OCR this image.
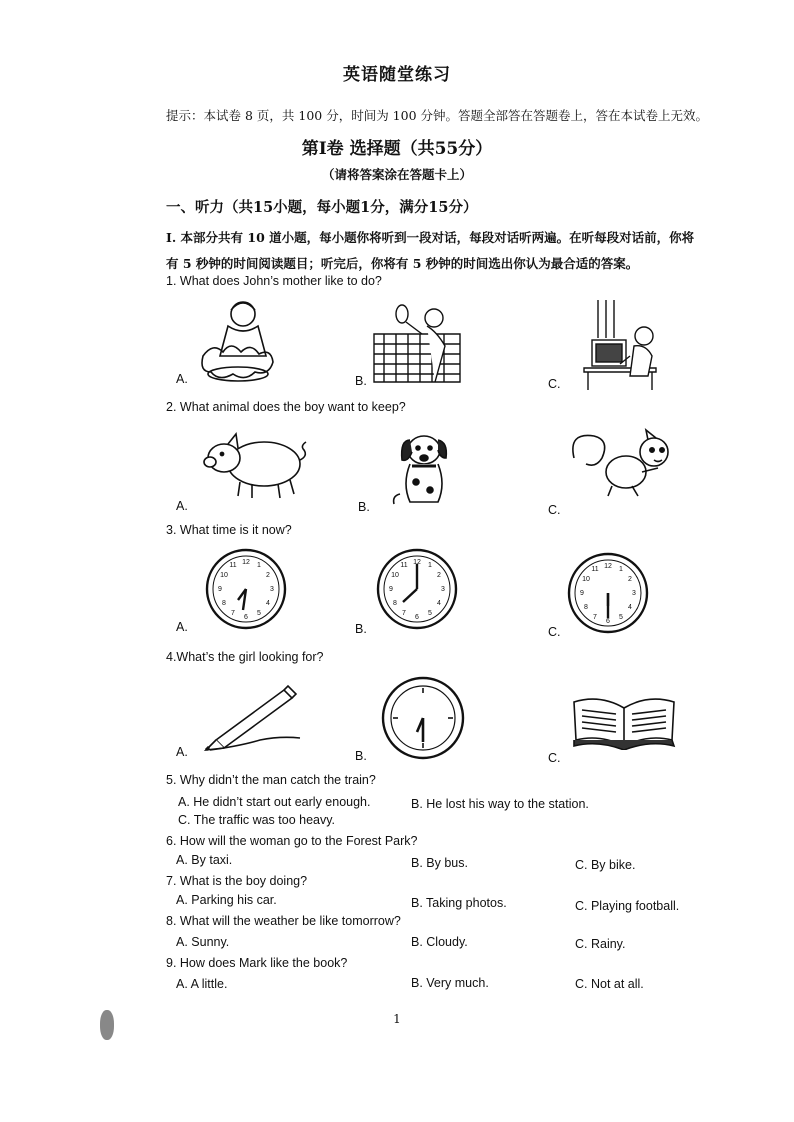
英语随堂练习
提示：本试卷 8 页，共 100 分，时间为 100 分钟。答题全部答在答题卷上，答在本试卷上无效。
第Ⅰ卷 选择题（共55分）
（请将答案涂在答题卡上）
一、听力（共15小题，每小题1分，满分15分）
Ⅰ. 本部分共有 10 道小题，每小题你将听到一段对话，每段对话听两遍。在听每段对话前，你将
有 5 秒钟的时间阅读题目；听完后，你将有 5 秒钟的时间选出你认为最合适的答案。
1. What does John’s mother like to do?
A.	B.	C.
2. What animal does the boy want to keep?
A.	B.	C.
3. What time is it now?
12 1
2
3
4
5
6
7
8
9
10
11
A.
12 1
2
3
4
5
6
7
8
9
10
11
B.
12 1
2
3
4
5
6
7
8
9
10
11
C.
4.What’s the girl looking for?
A.	B.	C.
5. Why didn’t the man catch the train?
A. He didn’t start out early enough.	B. He lost his way to the station.
C. The traffic was too heavy.
6. How will the woman go to the Forest Park?
A. By taxi.	B. By bus.	C. By bike.
7. What is the boy doing?
A. Parking his car.	B. Taking photos.	C. Playing football.
8. What will the weather be like tomorrow?
A. Sunny.	B. Cloudy.	C. Rainy.
9. How does Mark like the book?
A. A little.	B. Very much.	C. Not at all.
1
